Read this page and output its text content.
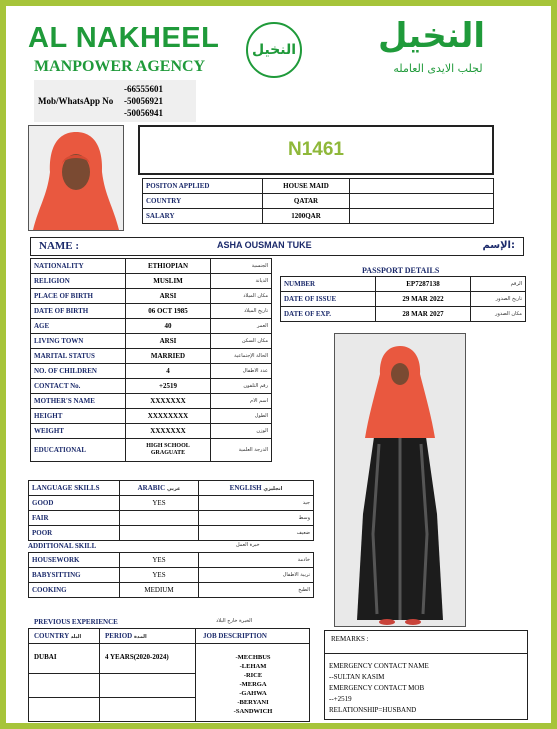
AL NAKHEEL
MANPOWER AGENCY
-66555601
Mob/WhatsApp No -50056921
-50056941
النخيل النخيل
لجلب الايدى العامله
N1461
POSITON APPLIED	HOUSE MAID	
COUNTRY	QATAR	
SALARY	1200QAR	
NAME :	ASHA OUSMAN TUKE	الإسم:
NATIONALITY	ETHIOPIAN	الجنسية
RELIGION	MUSLIM	الديانة
PLACE OF BIRTH	ARSI	مكان الميلاد
DATE OF BIRTH	06 OCT 1985	تاريخ الميلاد
AGE	40	العمر
LIVING TOWN	ARSI	مكان السكن
MARITAL STATUS	MARRIED	الحالة الإجتماعية
NO. OF CHILDREN	4	عدد الاطفال
CONTACT No.	+2519	رقم التلفون
MOTHER'S NAME	XXXXXXX	اسم الام
HEIGHT	XXXXXXXX	الطول
WEIGHT	XXXXXXX	الوزن
EDUCATIONAL	HIGH SCHOOL GRAGUATE	الدرجة العلمية
PASSPORT DETAILS
NUMBER	EP7287138	الرقم
DATE OF ISSUE	29 MAR 2022	تاريخ الصدور
DATE OF EXP.	28 MAR 2027	مكان الصدور
LANGUAGE SKILLS	ARABIC عربي	ENGLISH انجليزي
GOOD	YES	جيد
FAIR		وسط
POOR		ضعيف
ADDITIONAL SKILL	خبرة العمل
HOUSEWORK	YES	خادمة
BABYSITTING	YES	تربية الاطفال
COOKING	MEDIUM	الطبخ
PREVIOUS EXPERIENCE	الخبرة خارج البلاد
COUNTRY البلد	PERIOD المدة	JOB DESCRIPTION
DUBAI	4 YEARS(2020-2024)	-MECHBUS
-LEHAM
-RICE
-MERGA
-GAHWA
-BERYANI
-SANDWICH
REMARKS :
EMERGENCY CONTACT NAME
--SULTAN KASIM
EMERGENCY CONTACT MOB
--+2519
RELATIONSHIP=HUSBAND
